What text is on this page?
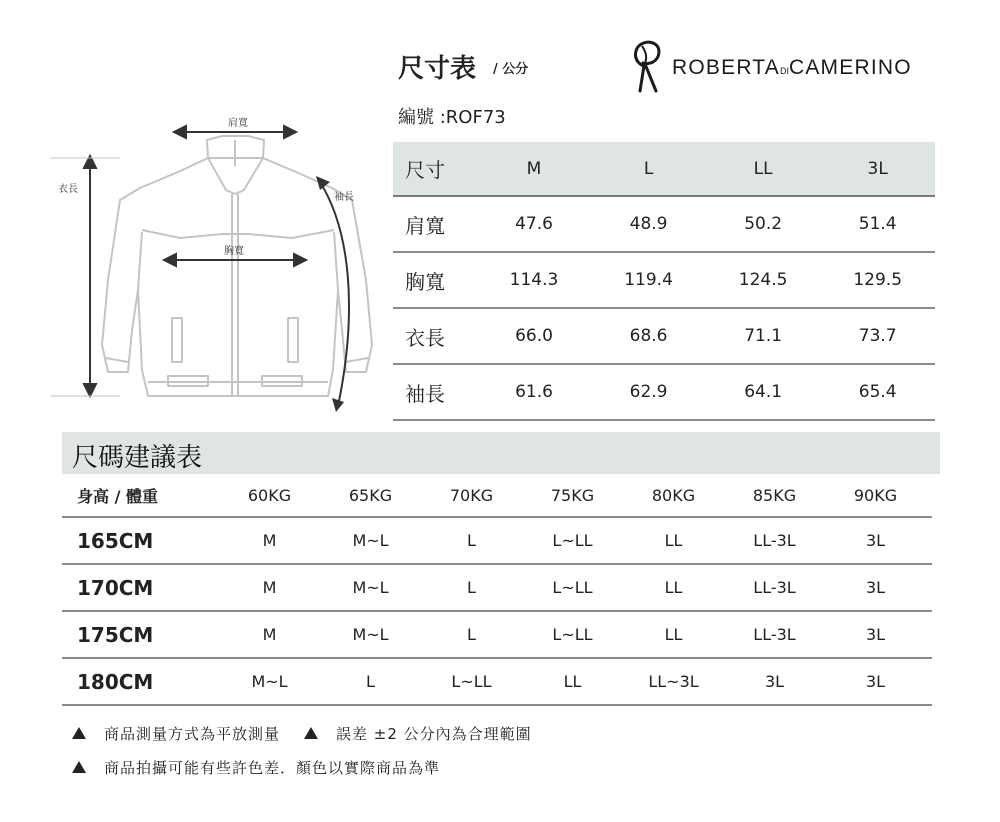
尺寸表 / 公分
編號 :ROF73
ROBERTADICAMERINO
肩寬
胸寬
衣長
袖長
尺寸	M	L	LL	3L
肩寬	47.6	48.9	50.2	51.4
胸寬	114.3	119.4	124.5	129.5
衣長	66.0	68.6	71.1	73.7
袖長	61.6	62.9	64.1	65.4
尺碼建議表
身高 / 體重	60KG	65KG	70KG	75KG	80KG	85KG	90KG
165CM	M	M~L	L	L~LL	LL	LL-3L	3L
170CM	M	M~L	L	L~LL	LL	LL-3L	3L
175CM	M	M~L	L	L~LL	LL	LL-3L	3L
180CM	M~L	L	L~LL	LL	LL~3L	3L	3L
商品測量方式為平放測量	誤差 ±2 公分內為合理範圍
商品拍攝可能有些許色差．顏色以實際商品為準
